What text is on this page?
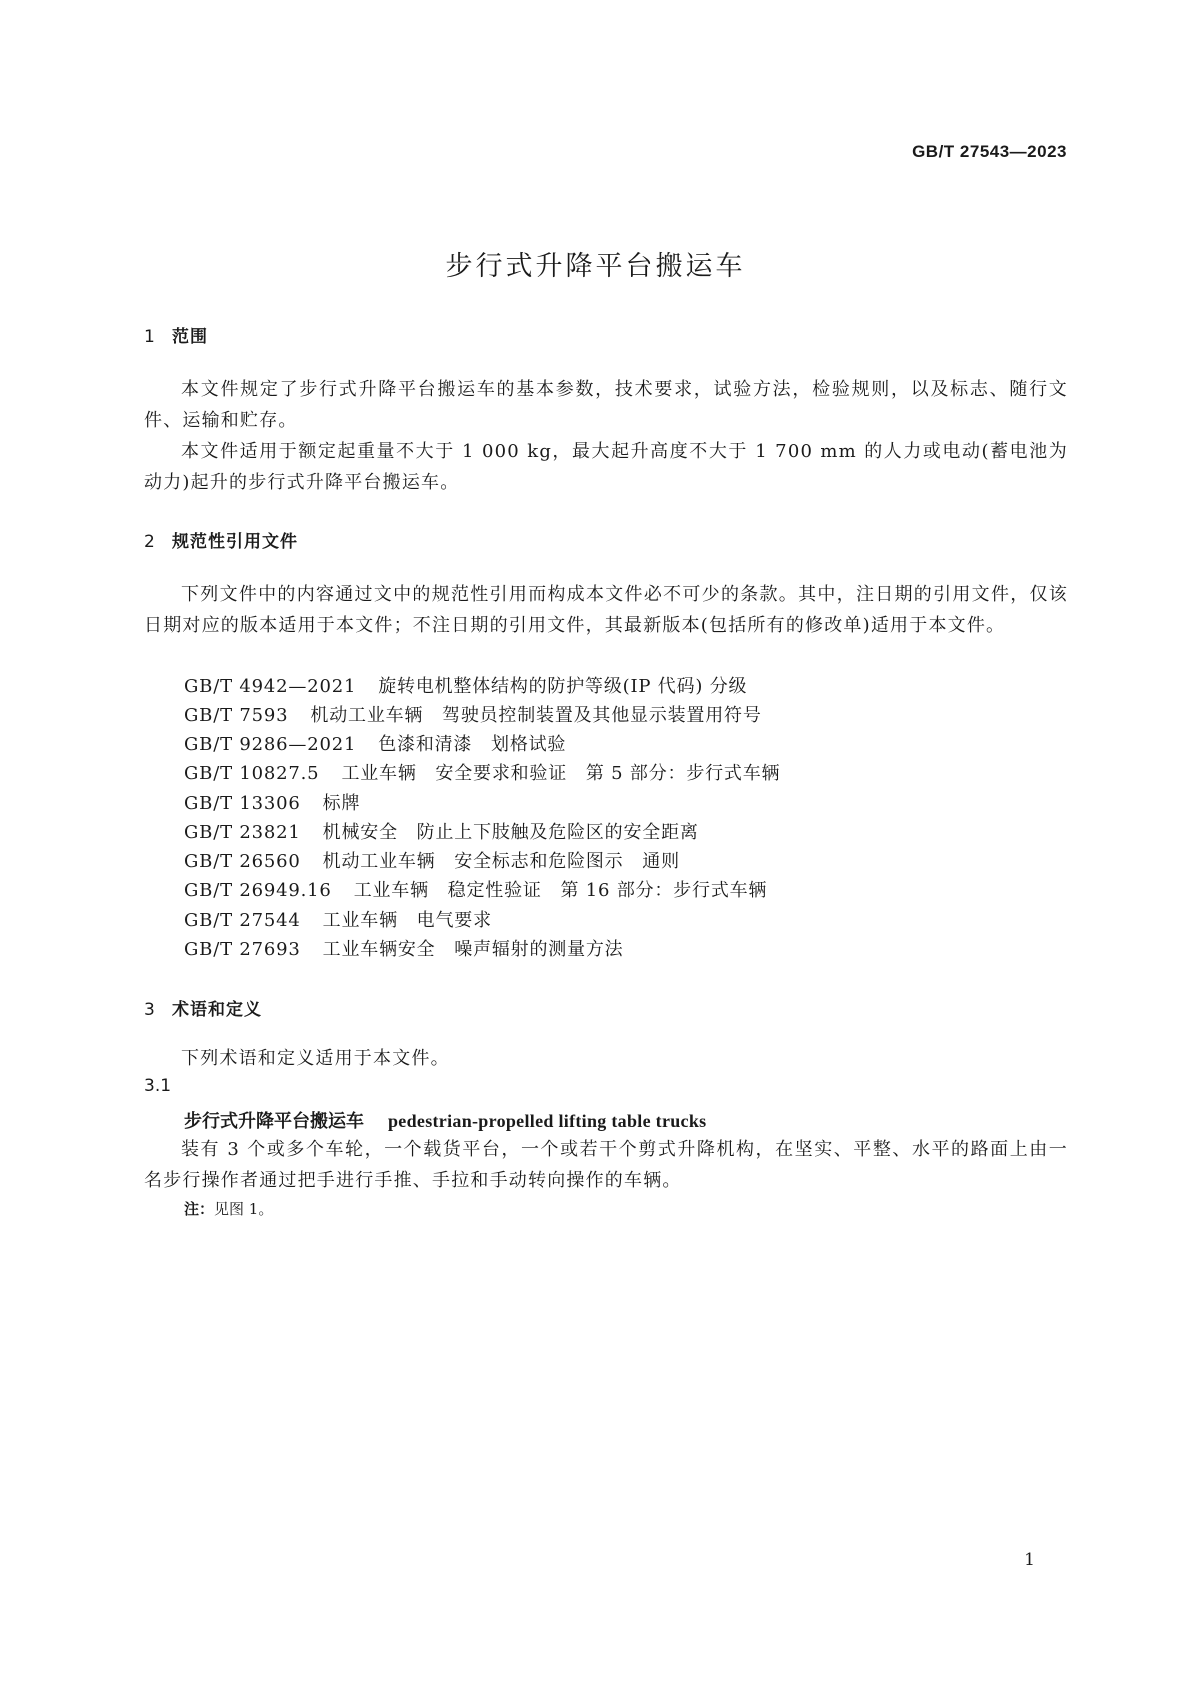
GB/T 27543—2023
步行式升降平台搬运车
1 范围
本文件规定了步行式升降平台搬运车的基本参数，技术要求，试验方法，检验规则，以及标志、随行文件、运输和贮存。
本文件适用于额定起重量不大于 1 000 kg，最大起升高度不大于 1 700 mm 的人力或电动(蓄电池为动力)起升的步行式升降平台搬运车。
2 规范性引用文件
下列文件中的内容通过文中的规范性引用而构成本文件必不可少的条款。其中，注日期的引用文件，仅该日期对应的版本适用于本文件；不注日期的引用文件，其最新版本(包括所有的修改单)适用于本文件。
GB/T 4942—2021 旋转电机整体结构的防护等级(IP 代码) 分级
GB/T 7593 机动工业车辆　驾驶员控制装置及其他显示装置用符号
GB/T 9286—2021 色漆和清漆　划格试验
GB/T 10827.5 工业车辆　安全要求和验证　第 5 部分：步行式车辆
GB/T 13306 标牌
GB/T 23821 机械安全　防止上下肢触及危险区的安全距离
GB/T 26560 机动工业车辆　安全标志和危险图示　通则
GB/T 26949.16 工业车辆　稳定性验证　第 16 部分：步行式车辆
GB/T 27544 工业车辆　电气要求
GB/T 27693 工业车辆安全　噪声辐射的测量方法
3 术语和定义
下列术语和定义适用于本文件。
3.1
步行式升降平台搬运车 pedestrian-propelled lifting table trucks
装有 3 个或多个车轮，一个载货平台，一个或若干个剪式升降机构，在坚实、平整、水平的路面上由一名步行操作者通过把手进行手推、手拉和手动转向操作的车辆。
注：见图 1。
1
